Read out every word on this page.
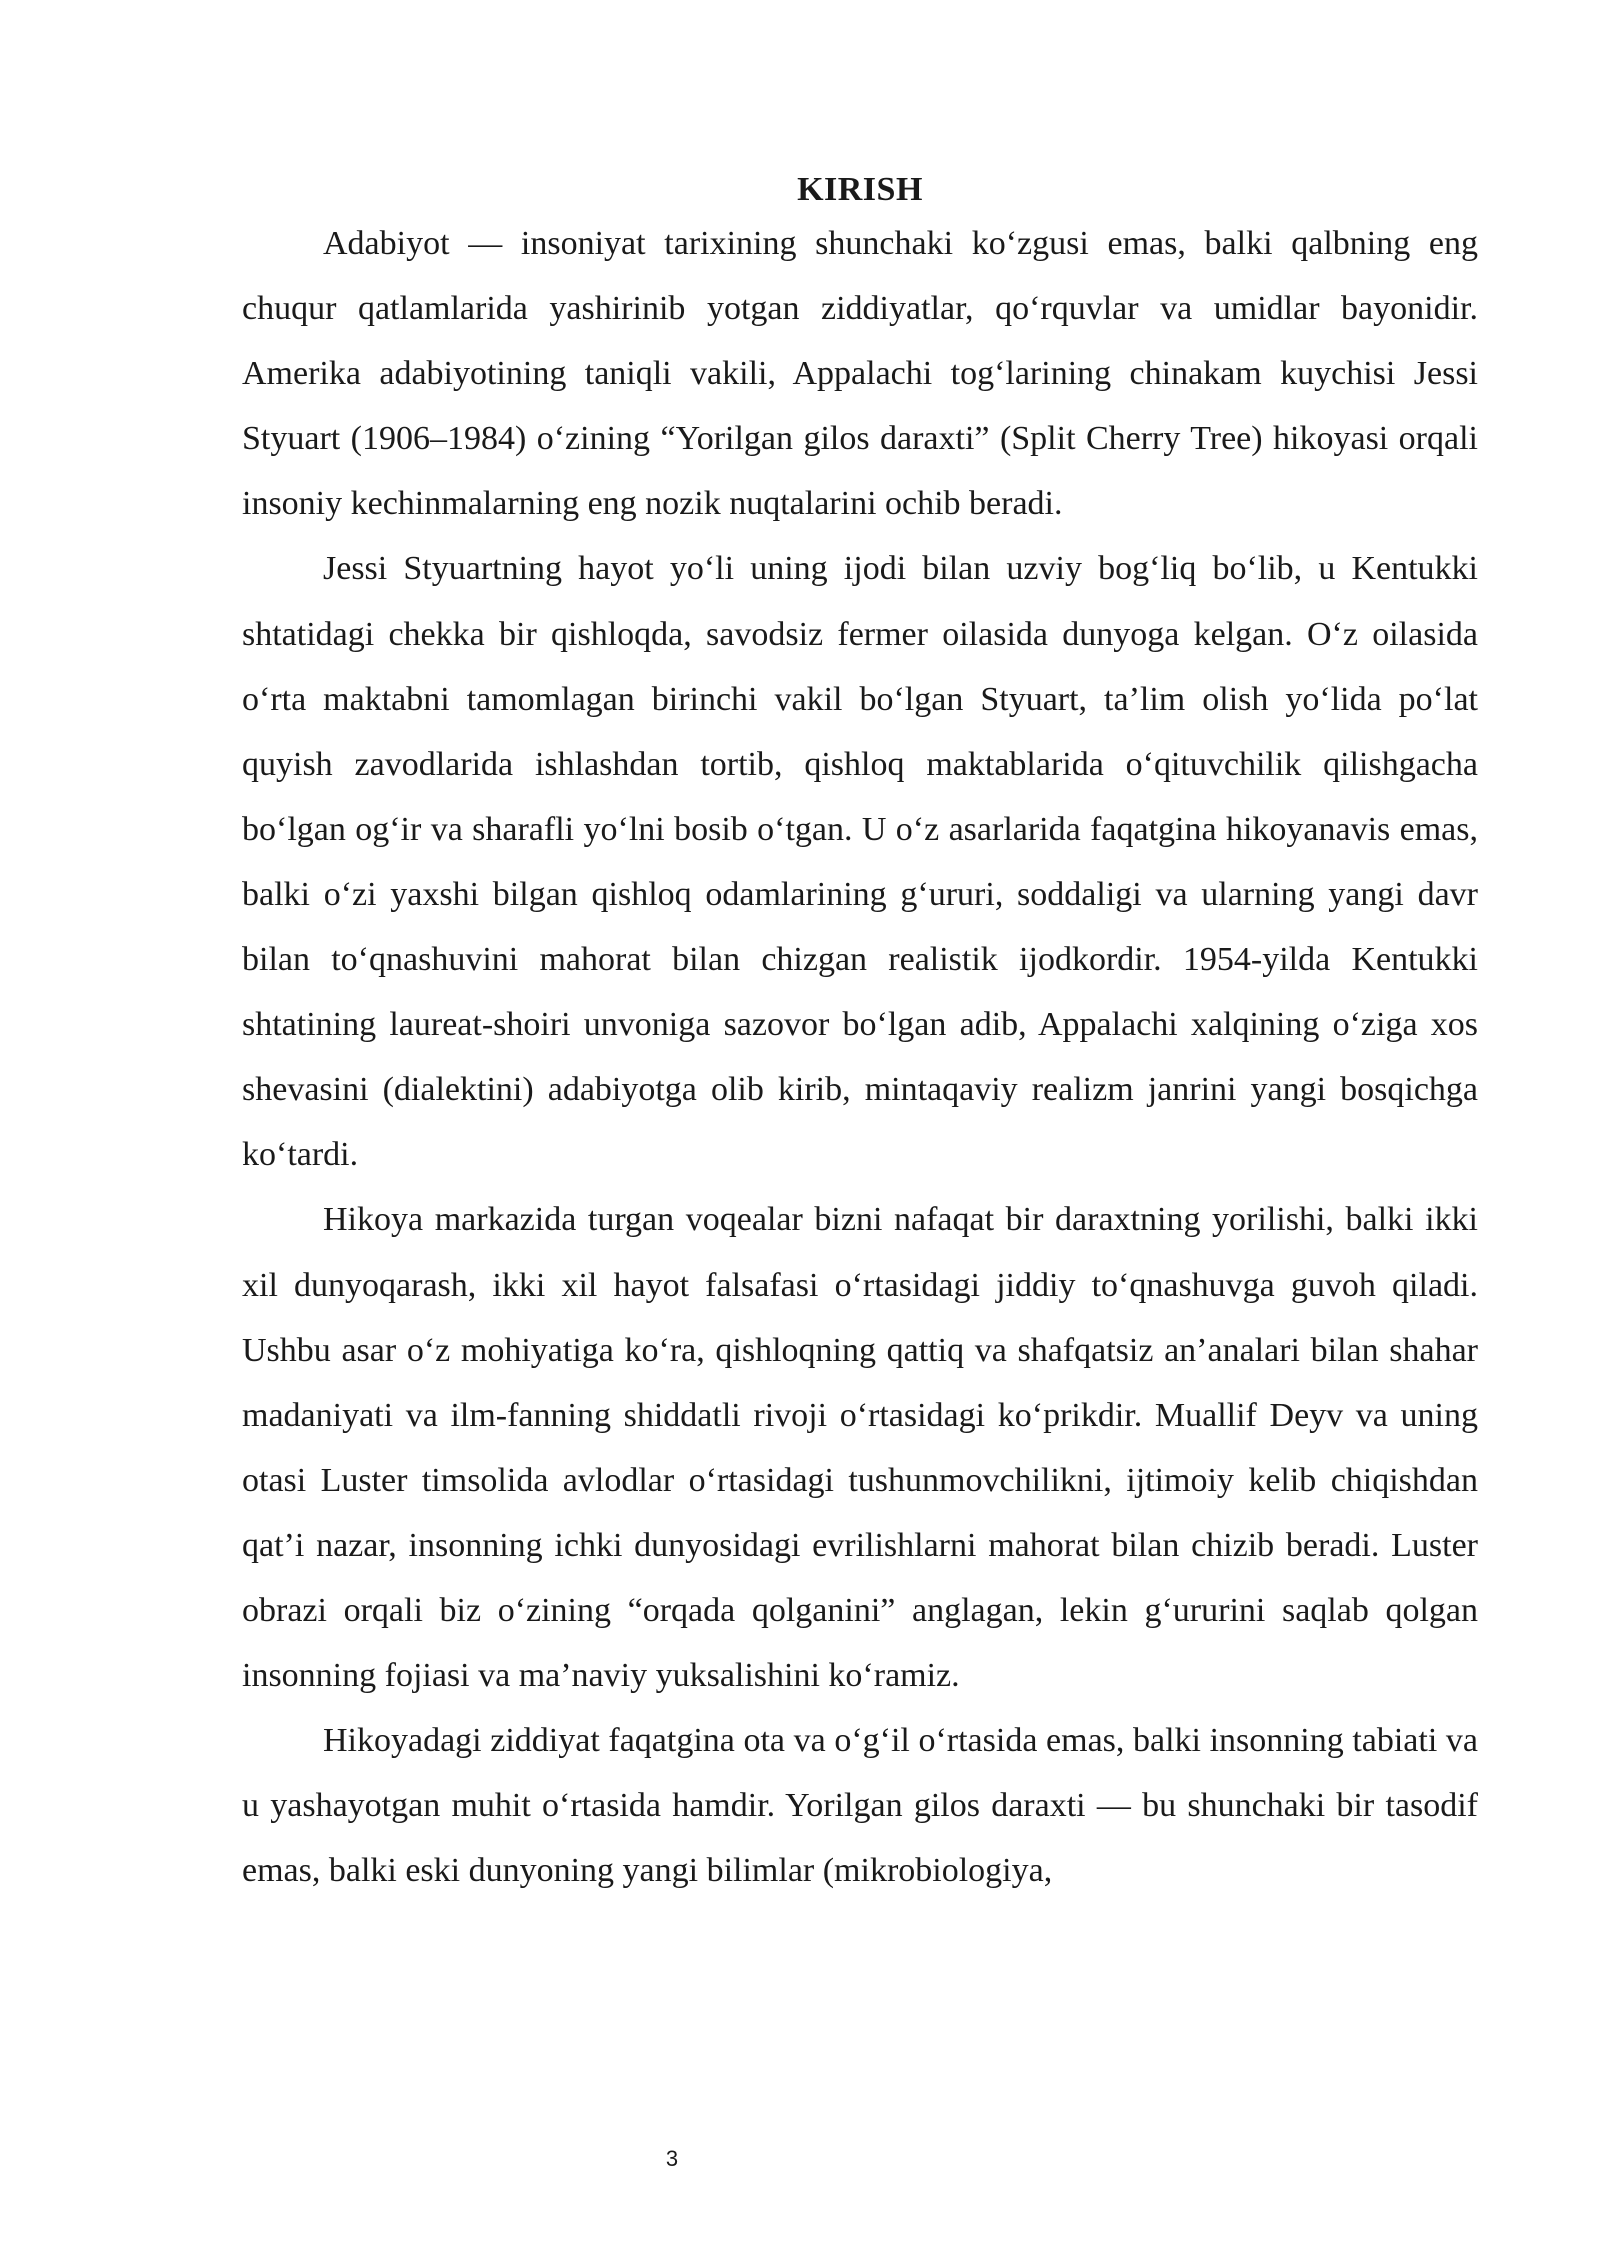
KIRISH

Adabiyot — insoniyat tarixining shunchaki ko‘zgusi emas, balki qalbning eng chuqur qatlamlarida yashirinib yotgan ziddiyatlar, qo‘rquvlar va umidlar bayonidir. Amerika adabiyotining taniqli vakili, Appalachi tog‘larining chinakam kuychisi Jessi Styuart (1906–1984) o‘zining “Yorilgan gilos daraxti” (Split Cherry Tree) hikoyasi orqali insoniy kechinmalarning eng nozik nuqtalarini ochib beradi.

Jessi Styuartning hayot yo‘li uning ijodi bilan uzviy bog‘liq bo‘lib, u Kentukki shtatidagi chekka bir qishloqda, savodsiz fermer oilasida dunyoga kelgan. O‘z oilasida o‘rta maktabni tamomlagan birinchi vakil bo‘lgan Styuart, ta’lim olish yo‘lida po‘lat quyish zavodlarida ishlashdan tortib, qishloq maktablarida o‘qituvchilik qilishgacha bo‘lgan og‘ir va sharafli yo‘lni bosib o‘tgan. U o‘z asarlarida faqatgina hikoyanavis emas, balki o‘zi yaxshi bilgan qishloq odamlarining g‘ururi, soddaligi va ularning yangi davr bilan to‘qnashuvini mahorat bilan chizgan realistik ijodkordir. 1954-yilda Kentukki shtatining laureat-shoiri unvoniga sazovor bo‘lgan adib, Appalachi xalqining o‘ziga xos shevasini (dialektini) adabiyotga olib kirib, mintaqaviy realizm janrini yangi bosqichga ko‘tardi.

Hikoya markazida turgan voqealar bizni nafaqat bir daraxtning yorilishi, balki ikki xil dunyoqarash, ikki xil hayot falsafasi o‘rtasidagi jiddiy to‘qnashuvga guvoh qiladi. Ushbu asar o‘z mohiyatiga ko‘ra, qishloqning qattiq va shafqatsiz an’analari bilan shahar madaniyati va ilm-fanning shiddatli rivoji o‘rtasidagi ko‘prikdir. Muallif Deyv va uning otasi Luster timsolida avlodlar o‘rtasidagi tushunmovchilikni, ijtimoiy kelib chiqishdan qat’i nazar, insonning ichki dunyosidagi evrilishlarni mahorat bilan chizib beradi. Luster obrazi orqali biz o‘zining “orqada qolganini” anglagan, lekin g‘ururini saqlab qolgan insonning fojiasi va ma’naviy yuksalishini ko‘ramiz.

Hikoyadagi ziddiyat faqatgina ota va o‘g‘il o‘rtasida emas, balki insonning tabiati va u yashayotgan muhit o‘rtasida hamdir. Yorilgan gilos daraxti — bu shunchaki bir tasodif emas, balki eski dunyoning yangi bilimlar (mikrobiologiya,

3
